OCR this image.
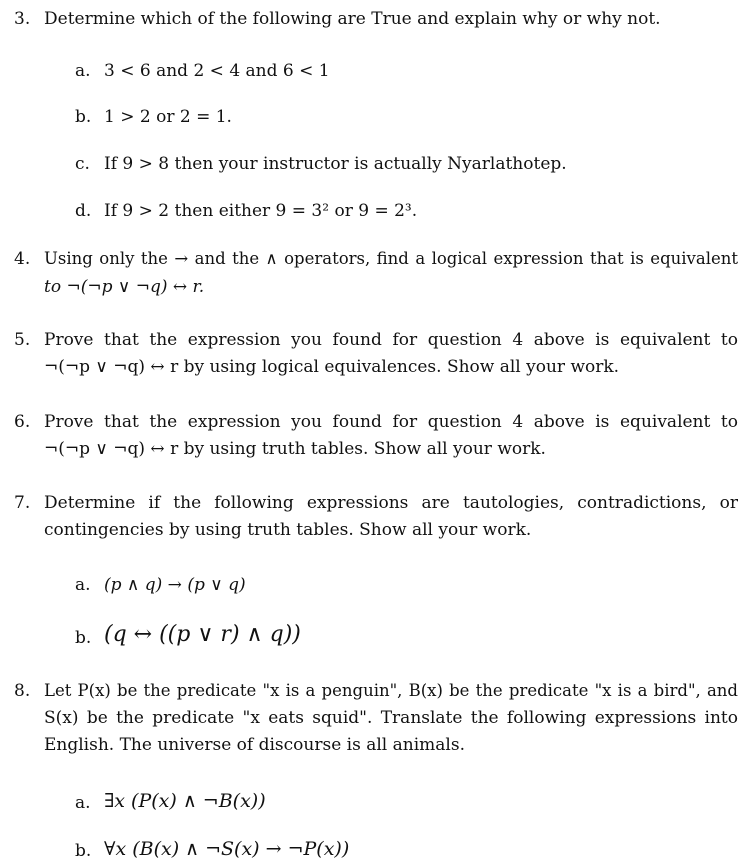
3. Determine which of the following are True and explain why or why not.
a. 3 < 6 and 2 < 4 and 6 < 1
b. 1 > 2 or 2 = 1.
c. If 9 > 8 then your instructor is actually Nyarlathotep.
d. If 9 > 2 then either 9 = 3² or 9 = 2³.
4. Using only the → and the ∧ operators, find a logical expression that is equivalent
to ¬(¬p ∨ ¬q) ↔ r.
5. Prove that the expression you found for question 4 above is equivalent to
¬(¬p ∨ ¬q) ↔ r by using logical equivalences. Show all your work.
6. Prove that the expression you found for question 4 above is equivalent to
¬(¬p ∨ ¬q) ↔ r by using truth tables. Show all your work.
7. Determine if the following expressions are tautologies, contradictions, or
contingencies by using truth tables. Show all your work.
a. (p ∧ q) → (p ∨ q)
b. (q ↔ ((p ∨ r) ∧ q))
8. Let P(x) be the predicate "x is a penguin", B(x) be the predicate "x is a bird", and
S(x) be the predicate "x eats squid". Translate the following expressions into
English. The universe of discourse is all animals.
a. ∃x (P(x) ∧ ¬B(x))
b. ∀x (B(x) ∧ ¬S(x) → ¬P(x))
